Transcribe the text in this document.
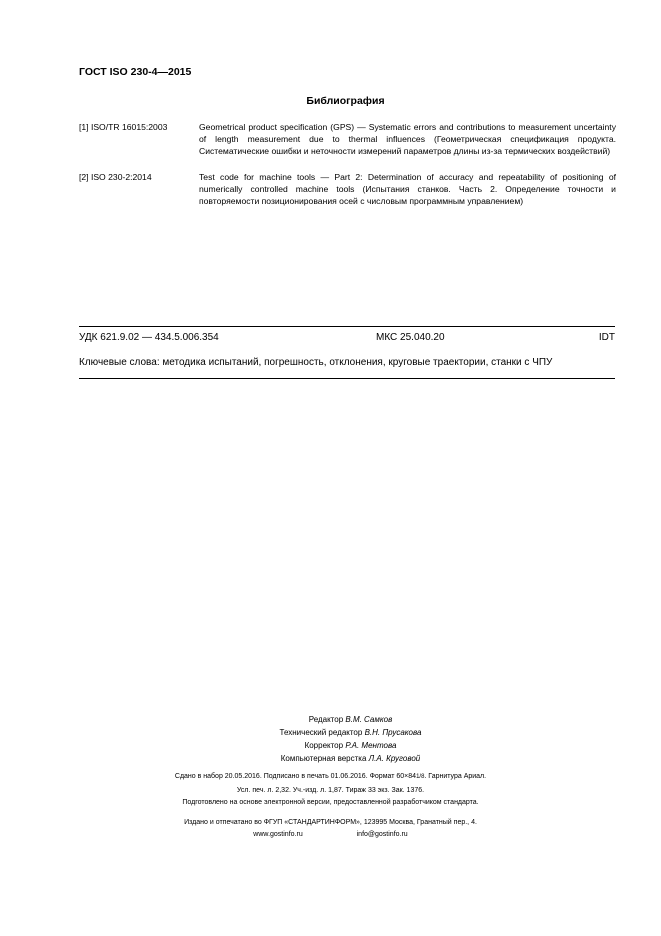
ГОСТ ISO 230-4—2015
Библиография
[1] ISO/TR 16015:2003	Geometrical product specification (GPS) — Systematic errors and contributions to measurement uncertainty of length measurement due to thermal influences (Геометрическая спецификация продукта. Систематические ошибки и неточности измерений параметров длины из-за термических воздействий)
[2] ISO 230-2:2014	Test code for machine tools — Part 2: Determination of accuracy and repeatability of positioning of numerically controlled machine tools (Испытания станков. Часть 2. Определение точности и повторяемости позиционирования осей с числовым программным управлением)
УДК 621.9.02 — 434.5.006.354	МКС 25.040.20	IDT
Ключевые слова: методика испытаний, погрешность, отклонения, круговые траектории, станки с ЧПУ
Редактор В.М. Самков
Технический редактор В.Н. Прусакова
Корректор Р.А. Ментова
Компьютерная верстка Л.А. Круговой
Сдано в набор 20.05.2016. Подписано в печать 01.06.2016. Формат 60×841/8. Гарнитура Ариал.
Усл. печ. л. 2,32. Уч.-изд. л. 1,87. Тираж 33 экз. Зак. 1376.
Подготовлено на основе электронной версии, предоставленной разработчиком стандарта.
Издано и отпечатано во ФГУП «СТАНДАРТИНФОРМ», 123995 Москва, Гранатный пер., 4.
www.gostinfo.ru	info@gostinfo.ru
